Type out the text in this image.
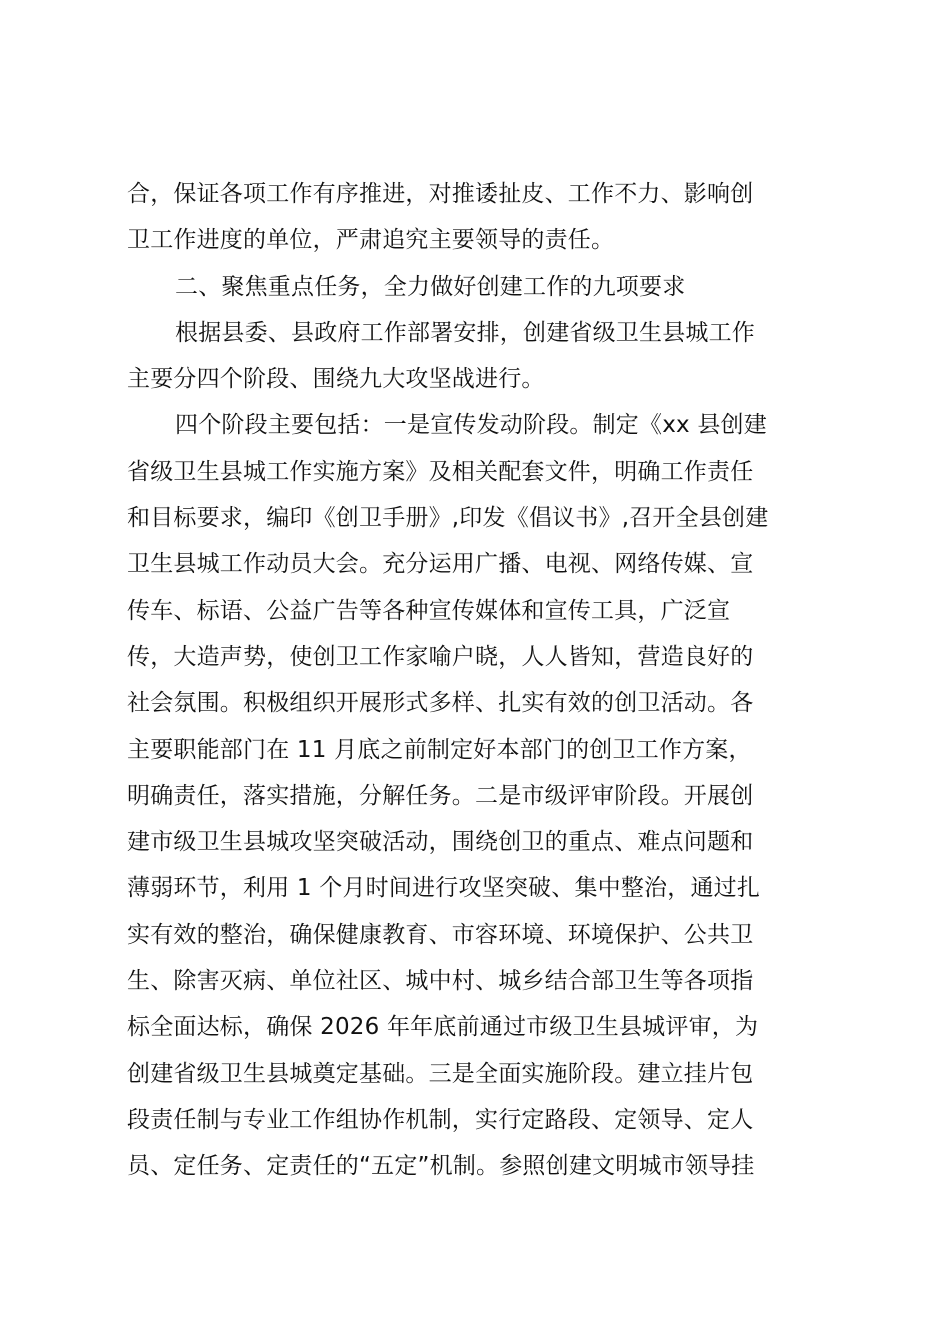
合，保证各项工作有序推进，对推诿扯皮、工作不力、影响创
卫工作进度的单位，严肃追究主要领导的责任。
二、聚焦重点任务，全力做好创建工作的九项要求
根据县委、县政府工作部署安排，创建省级卫生县城工作
主要分四个阶段、围绕九大攻坚战进行。
四个阶段主要包括：一是宣传发动阶段。制定《xx 县创建
省级卫生县城工作实施方案》及相关配套文件，明确工作责任
和目标要求，编印《创卫手册》,印发《倡议书》,召开全县创建
卫生县城工作动员大会。充分运用广播、电视、网络传媒、宣
传车、标语、公益广告等各种宣传媒体和宣传工具，广泛宣
传，大造声势，使创卫工作家喻户晓，人人皆知，营造良好的
社会氛围。积极组织开展形式多样、扎实有效的创卫活动。各
主要职能部门在 11 月底之前制定好本部门的创卫工作方案，
明确责任，落实措施，分解任务。二是市级评审阶段。开展创
建市级卫生县城攻坚突破活动，围绕创卫的重点、难点问题和
薄弱环节，利用 1 个月时间进行攻坚突破、集中整治，通过扎
实有效的整治，确保健康教育、市容环境、环境保护、公共卫
生、除害灭病、单位社区、城中村、城乡结合部卫生等各项指
标全面达标，确保 2026 年年底前通过市级卫生县城评审，为
创建省级卫生县城奠定基础。三是全面实施阶段。建立挂片包
段责任制与专业工作组协作机制，实行定路段、定领导、定人
员、定任务、定责任的“五定”机制。参照创建文明城市领导挂
